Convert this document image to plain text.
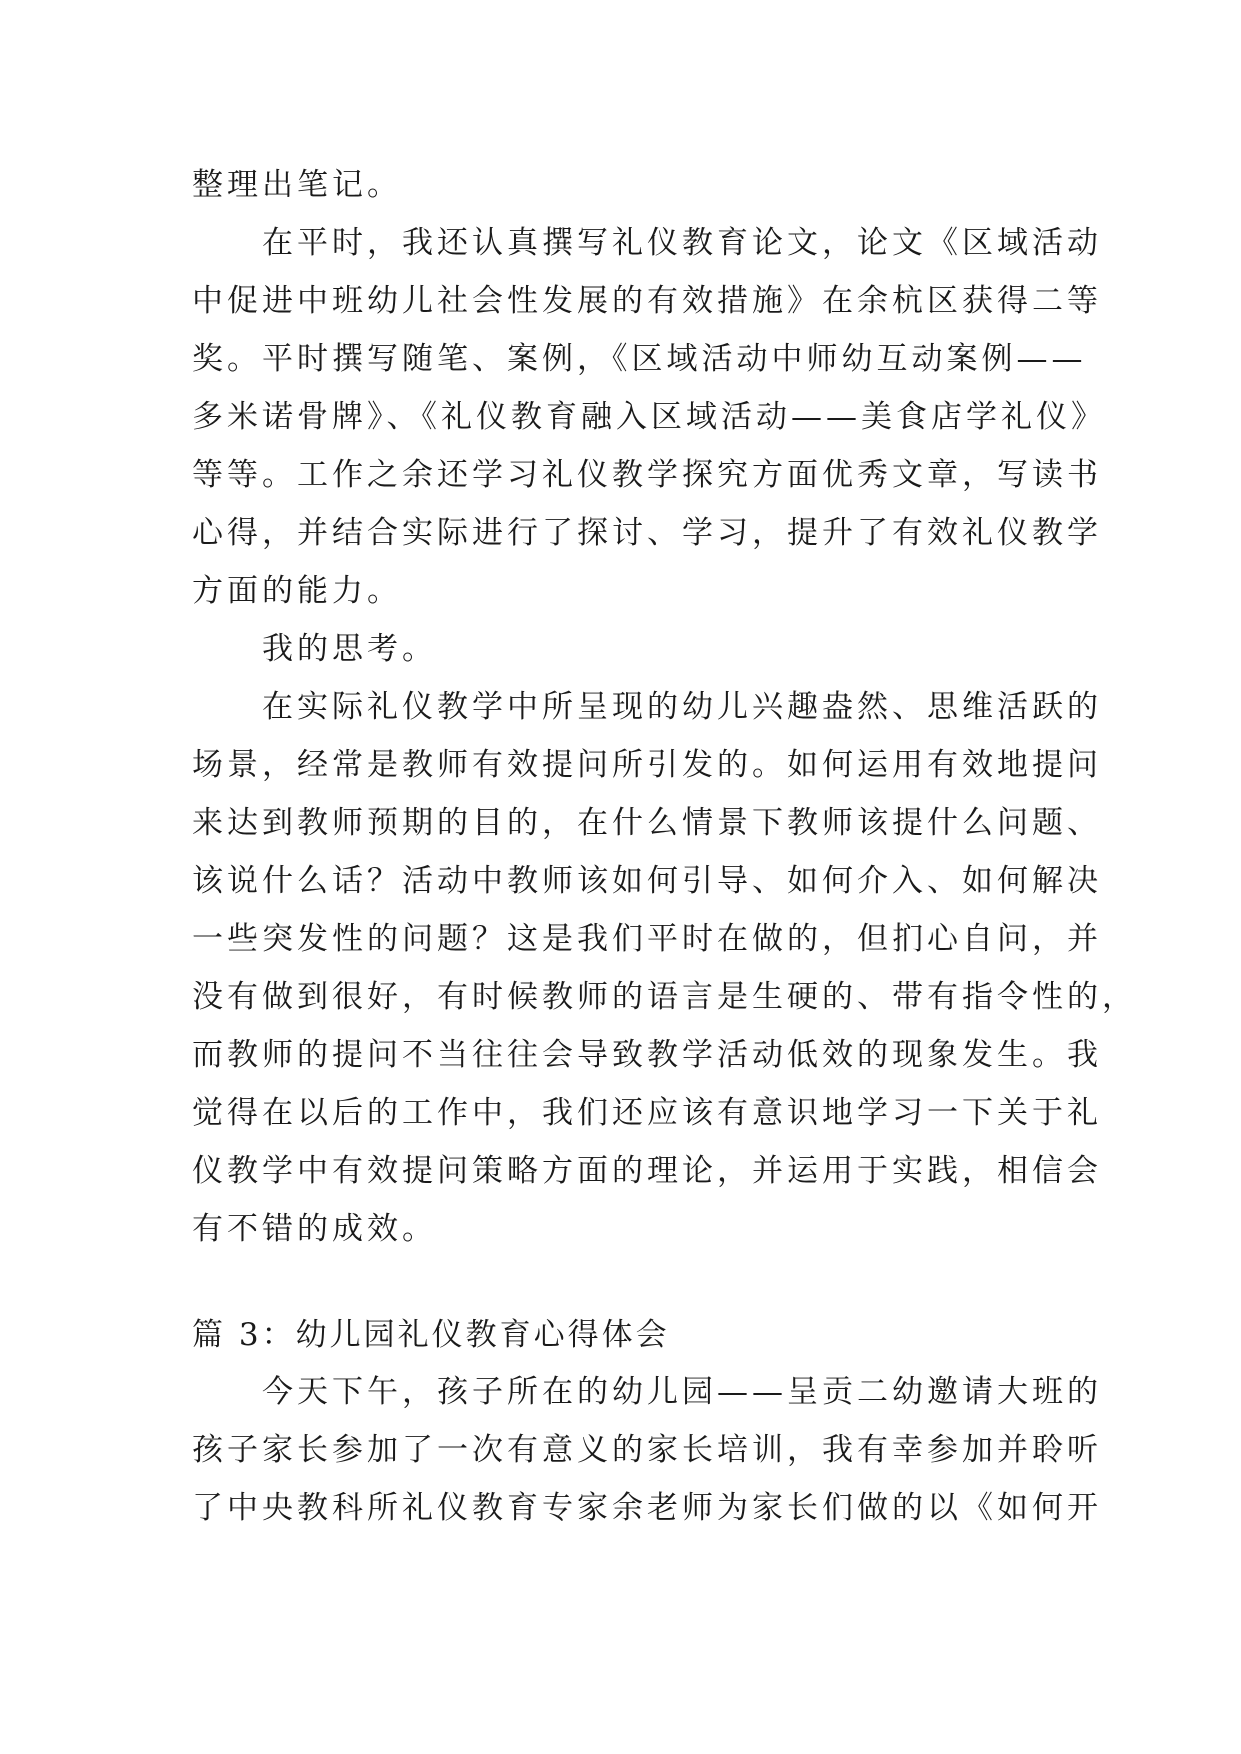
整理出笔记。
　　在平时，我还认真撰写礼仪教育论文，论文《区域活动
中促进中班幼儿社会性发展的有效措施》在余杭区获得二等
奖。平时撰写随笔、案例，《区域活动中师幼互动案例——
多米诺骨牌》、《礼仪教育融入区域活动——美食店学礼仪》
等等。工作之余还学习礼仪教学探究方面优秀文章，写读书
心得，并结合实际进行了探讨、学习，提升了有效礼仪教学
方面的能力。
　　我的思考。
　　在实际礼仪教学中所呈现的幼儿兴趣盎然、思维活跃的
场景，经常是教师有效提问所引发的。如何运用有效地提问
来达到教师预期的目的，在什么情景下教师该提什么问题、
该说什么话？活动中教师该如何引导、如何介入、如何解决
一些突发性的问题？这是我们平时在做的，但扪心自问，并
没有做到很好，有时候教师的语言是生硬的、带有指令性的，
而教师的提问不当往往会导致教学活动低效的现象发生。我
觉得在以后的工作中，我们还应该有意识地学习一下关于礼
仪教学中有效提问策略方面的理论，并运用于实践，相信会
有不错的成效。
篇 3：幼儿园礼仪教育心得体会
　　今天下午，孩子所在的幼儿园——呈贡二幼邀请大班的
孩子家长参加了一次有意义的家长培训，我有幸参加并聆听
了中央教科所礼仪教育专家余老师为家长们做的以《如何开
